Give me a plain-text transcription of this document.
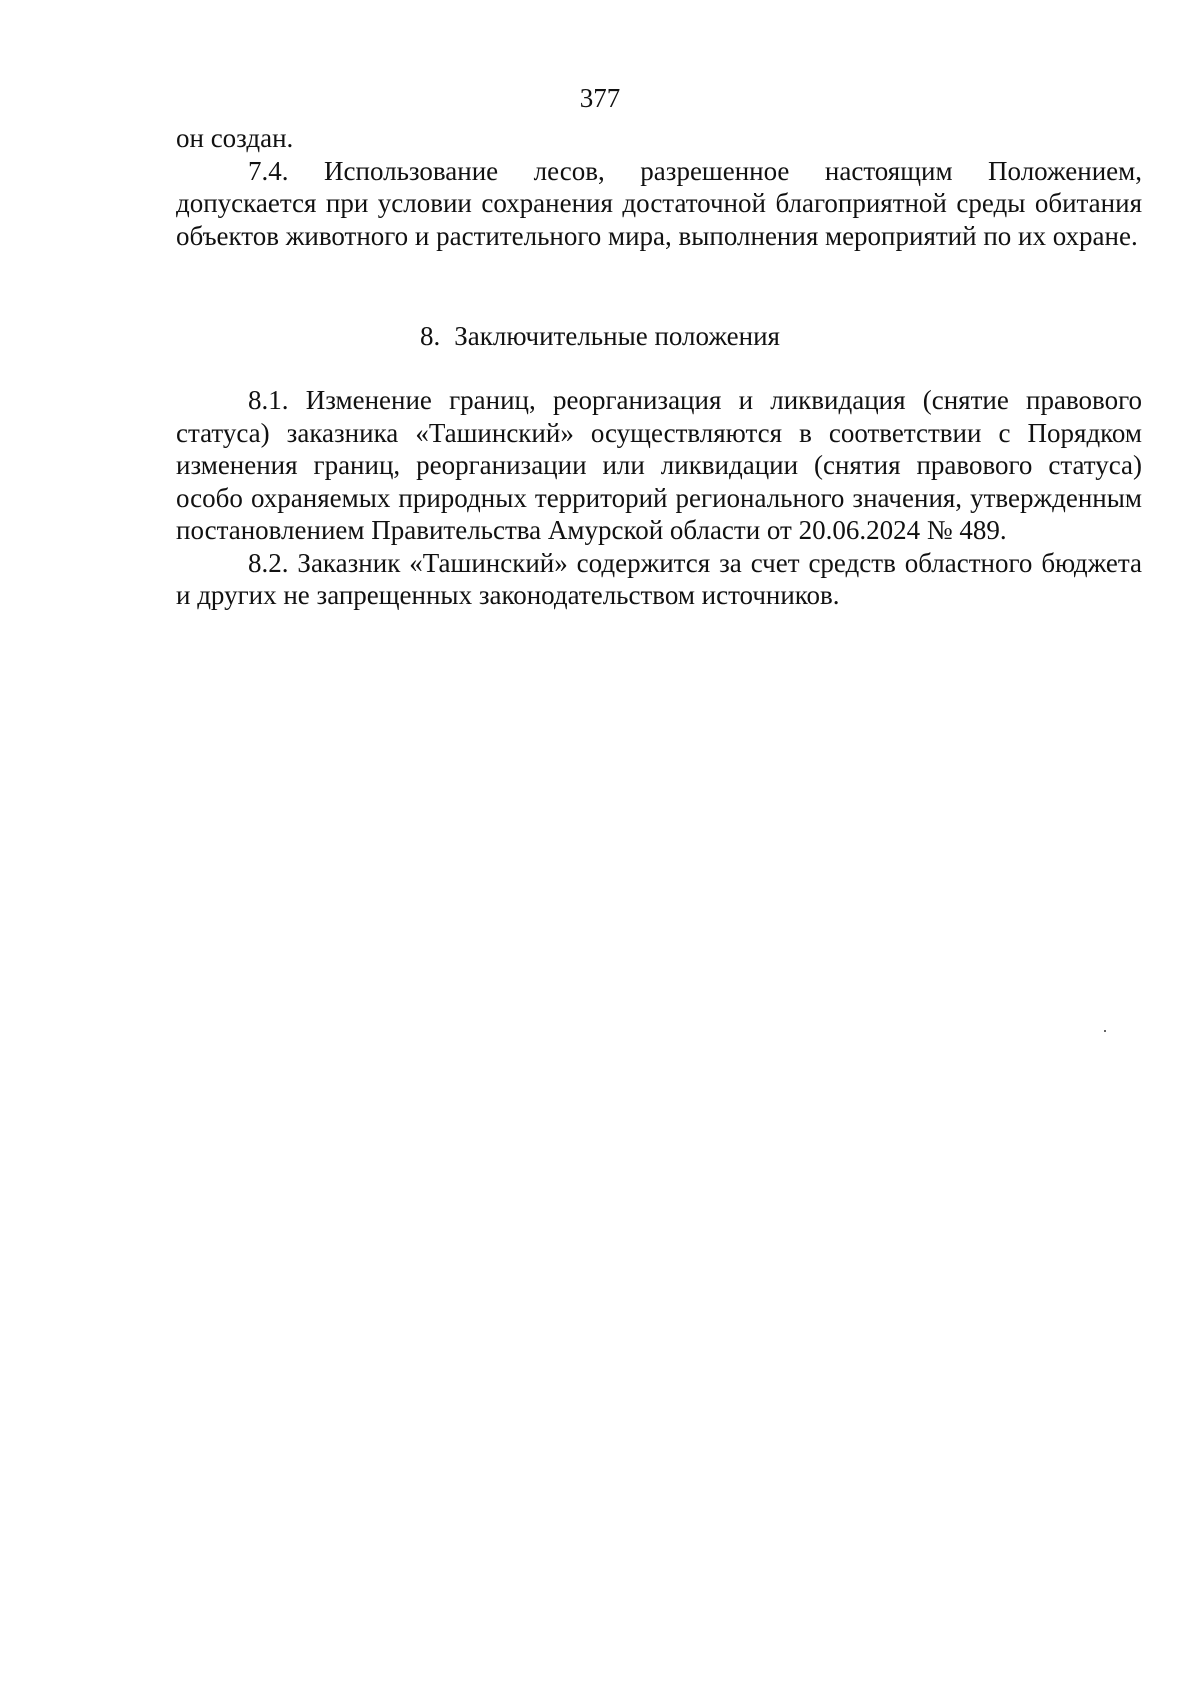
377

он создан.

7.4. Использование лесов, разрешенное настоящим Положением, допускается при условии сохранения достаточной благоприятной среды обитания объектов животного и растительного мира, выполнения мероприятий по их охране.

8. Заключительные положения

8.1. Изменение границ, реорганизация и ликвидация (снятие правового статуса) заказника «Ташинский» осуществляются в соответствии с Порядком изменения границ, реорганизации или ликвидации (снятия правового статуса) особо охраняемых природных территорий регионального значения, утвержденным постановлением Правительства Амурской области от 20.06.2024 № 489.

8.2. Заказник «Ташинский» содержится за счет средств областного бюджета и других не запрещенных законодательством источников.
